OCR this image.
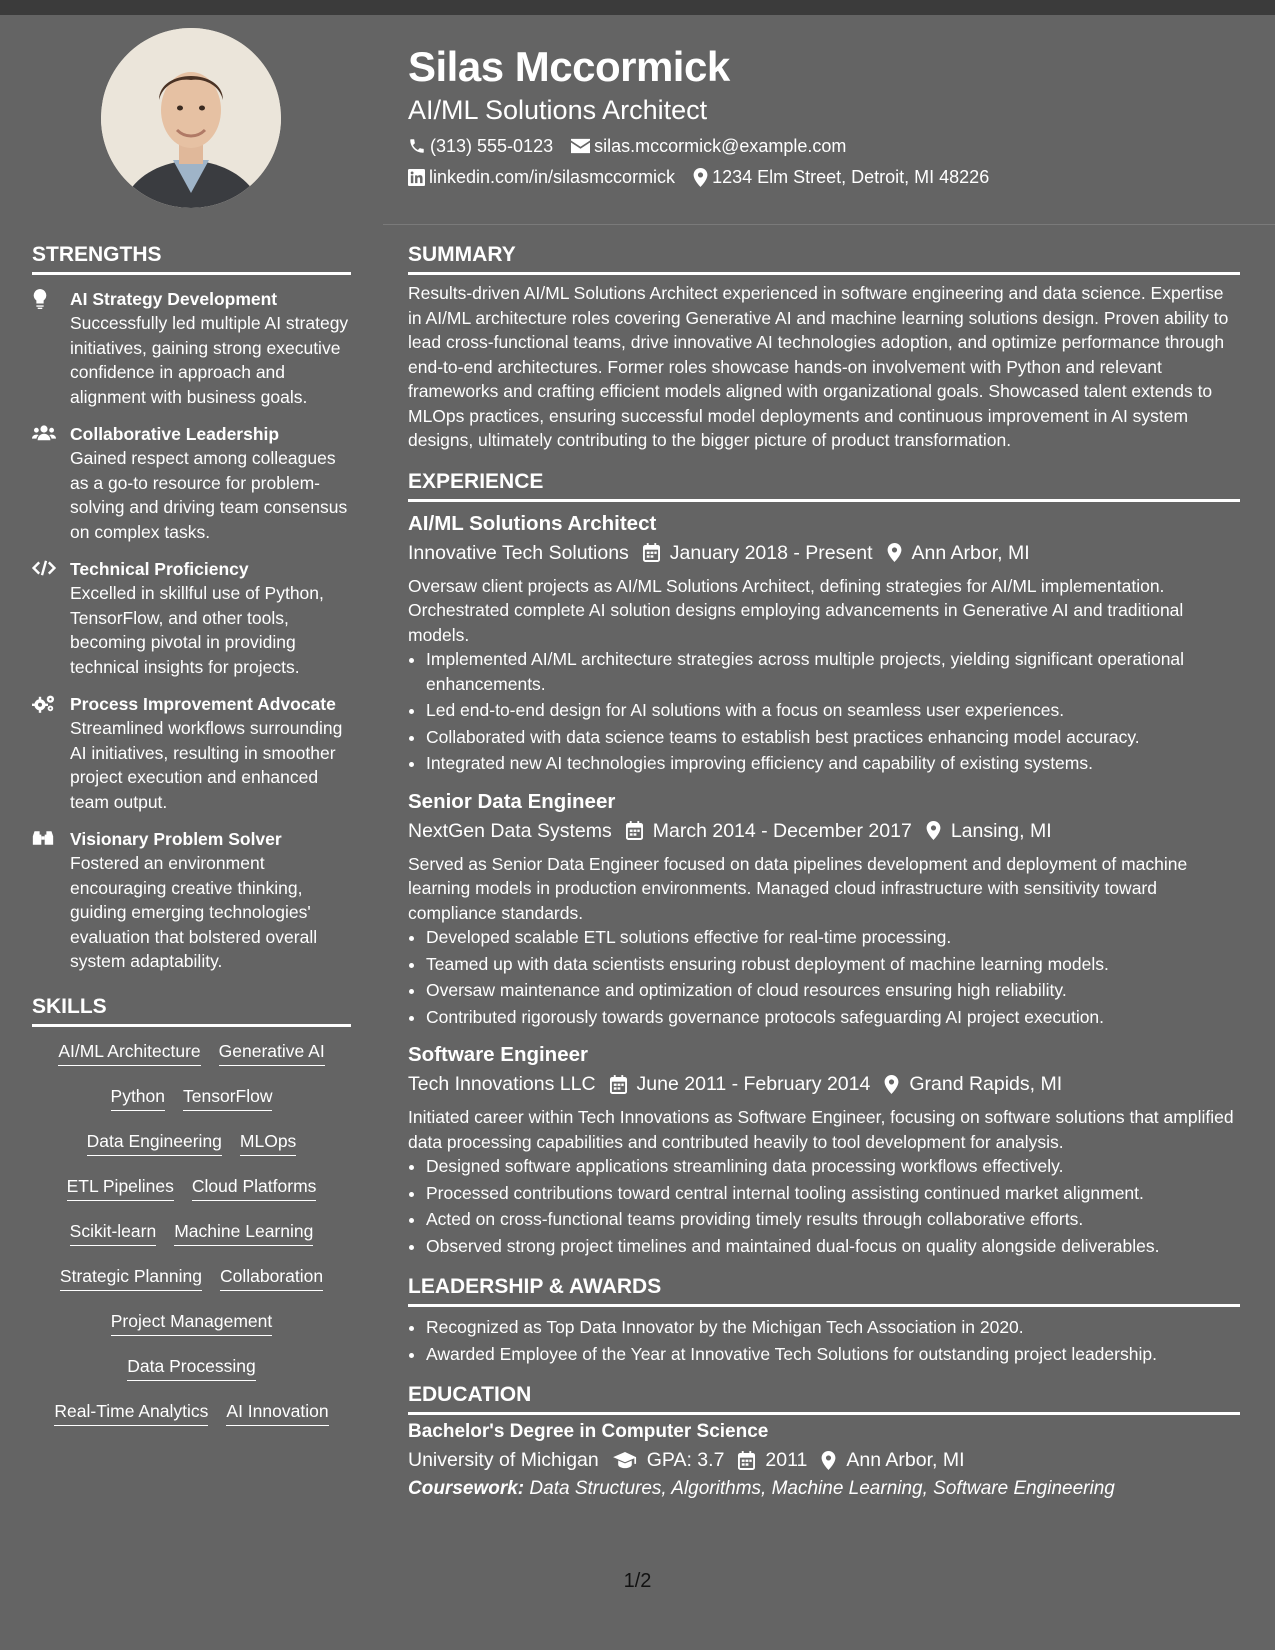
Silas Mccormick
AI/ML Solutions Architect
(313) 555-0123 silas.mccormick@example.com
linkedin.com/in/silasmccormick 1234 Elm Street, Detroit, MI 48226
STRENGTHS
AI Strategy Development
Successfully led multiple AI strategy initiatives, gaining strong executive confidence in approach and alignment with business goals.
Collaborative Leadership
Gained respect among colleagues as a go-to resource for problem-solving and driving team consensus on complex tasks.
Technical Proficiency
Excelled in skillful use of Python, TensorFlow, and other tools, becoming pivotal in providing technical insights for projects.
Process Improvement Advocate
Streamlined workflows surrounding AI initiatives, resulting in smoother project execution and enhanced team output.
Visionary Problem Solver
Fostered an environment encouraging creative thinking, guiding emerging technologies' evaluation that bolstered overall system adaptability.
SKILLS
AI/ML Architecture Generative AI
Python TensorFlow
Data Engineering MLOps
ETL Pipelines Cloud Platforms
Scikit-learn Machine Learning
Strategic Planning Collaboration
Project Management
Data Processing
Real-Time Analytics AI Innovation
SUMMARY
Results-driven AI/ML Solutions Architect experienced in software engineering and data science. Expertise in AI/ML architecture roles covering Generative AI and machine learning solutions design. Proven ability to lead cross-functional teams, drive innovative AI technologies adoption, and optimize performance through end-to-end architectures. Former roles showcase hands-on involvement with Python and relevant frameworks and crafting efficient models aligned with organizational goals. Showcased talent extends to MLOps practices, ensuring successful model deployments and continuous improvement in AI system designs, ultimately contributing to the bigger picture of product transformation.
EXPERIENCE
AI/ML Solutions Architect
Innovative Tech Solutions January 2018 - Present Ann Arbor, MI
Oversaw client projects as AI/ML Solutions Architect, defining strategies for AI/ML implementation. Orchestrated complete AI solution designs employing advancements in Generative AI and traditional models.
• Implemented AI/ML architecture strategies across multiple projects, yielding significant operational enhancements.
• Led end-to-end design for AI solutions with a focus on seamless user experiences.
• Collaborated with data science teams to establish best practices enhancing model accuracy.
• Integrated new AI technologies improving efficiency and capability of existing systems.
Senior Data Engineer
NextGen Data Systems March 2014 - December 2017 Lansing, MI
Served as Senior Data Engineer focused on data pipelines development and deployment of machine learning models in production environments. Managed cloud infrastructure with sensitivity toward compliance standards.
• Developed scalable ETL solutions effective for real-time processing.
• Teamed up with data scientists ensuring robust deployment of machine learning models.
• Oversaw maintenance and optimization of cloud resources ensuring high reliability.
• Contributed rigorously towards governance protocols safeguarding AI project execution.
Software Engineer
Tech Innovations LLC June 2011 - February 2014 Grand Rapids, MI
Initiated career within Tech Innovations as Software Engineer, focusing on software solutions that amplified data processing capabilities and contributed heavily to tool development for analysis.
• Designed software applications streamlining data processing workflows effectively.
• Processed contributions toward central internal tooling assisting continued market alignment.
• Acted on cross-functional teams providing timely results through collaborative efforts.
• Observed strong project timelines and maintained dual-focus on quality alongside deliverables.
LEADERSHIP & AWARDS
• Recognized as Top Data Innovator by the Michigan Tech Association in 2020.
• Awarded Employee of the Year at Innovative Tech Solutions for outstanding project leadership.
EDUCATION
Bachelor's Degree in Computer Science
University of Michigan GPA: 3.7 2011 Ann Arbor, MI
Coursework: Data Structures, Algorithms, Machine Learning, Software Engineering
1/2
